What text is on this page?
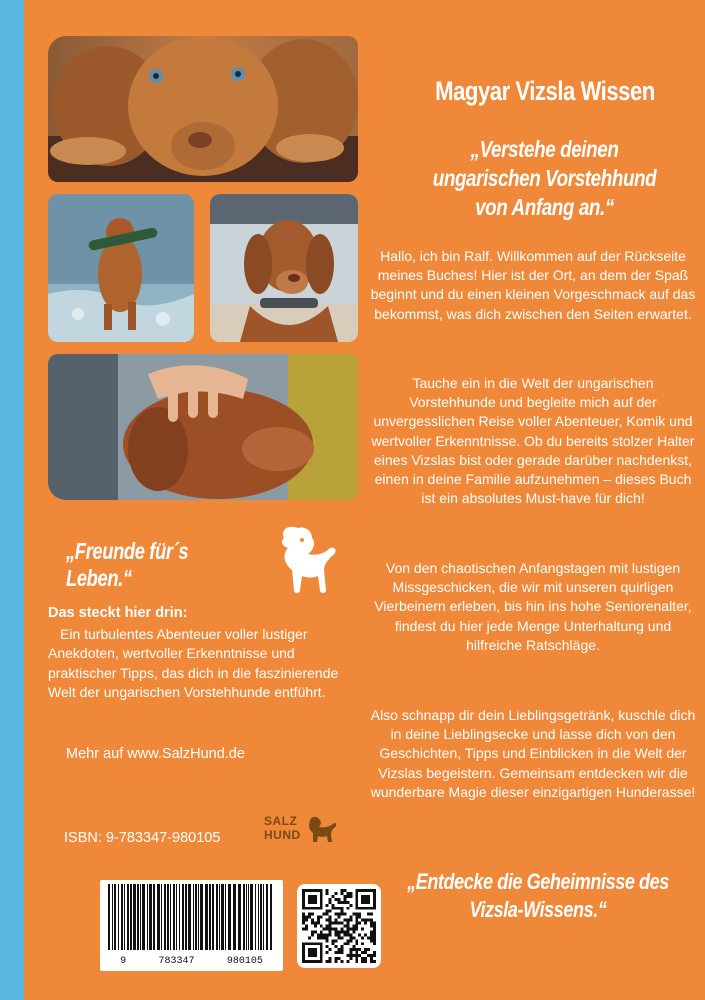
Magyar Vizsla Wissen
„Verstehe deinen ungarischen Vorstehhund von Anfang an.“

Hallo, ich bin Ralf. Willkommen auf der Rückseite meines Buches! Hier ist der Ort, an dem der Spaß beginnt und du einen kleinen Vorgeschmack auf das bekommst, was dich zwischen den Seiten erwartet.

Tauche ein in die Welt der ungarischen Vorstehhunde und begleite mich auf der unvergesslichen Reise voller Abenteuer, Komik und wertvoller Erkenntnisse. Ob du bereits stolzer Halter eines Vizslas bist oder gerade darüber nachdenkst, einen in deine Familie aufzunehmen – dieses Buch ist ein absolutes Must-have für dich!

Von den chaotischen Anfangstagen mit lustigen Missgeschicken, die wir mit unseren quirligen Vierbeinern erleben, bis hin ins hohe Seniorenalter, findest du hier jede Menge Unterhaltung und hilfreiche Ratschläge.

Also schnapp dir dein Lieblingsgetränk, kuschle dich in deine Lieblingsecke und lasse dich von den Geschichten, Tipps und Einblicken in die Welt der Vizslas begeistern. Gemeinsam entdecken wir die wunderbare Magie dieser einzigartigen Hunderasse!

„Entdecke die Geheimnisse des Vizsla-Wissens.“
„Freunde für´s Leben.“
Das steckt hier drin:

Ein turbulentes Abenteuer voller lustiger Anekdoten, wertvoller Erkenntnisse und praktischer Tipps, das dich in die faszinierende Welt der ungarischen Vorstehhunde entführt.

Mehr auf www.SalzHund.de
ISBN: 9-783347-980105
SALZ
HUND
9	783347	980105
